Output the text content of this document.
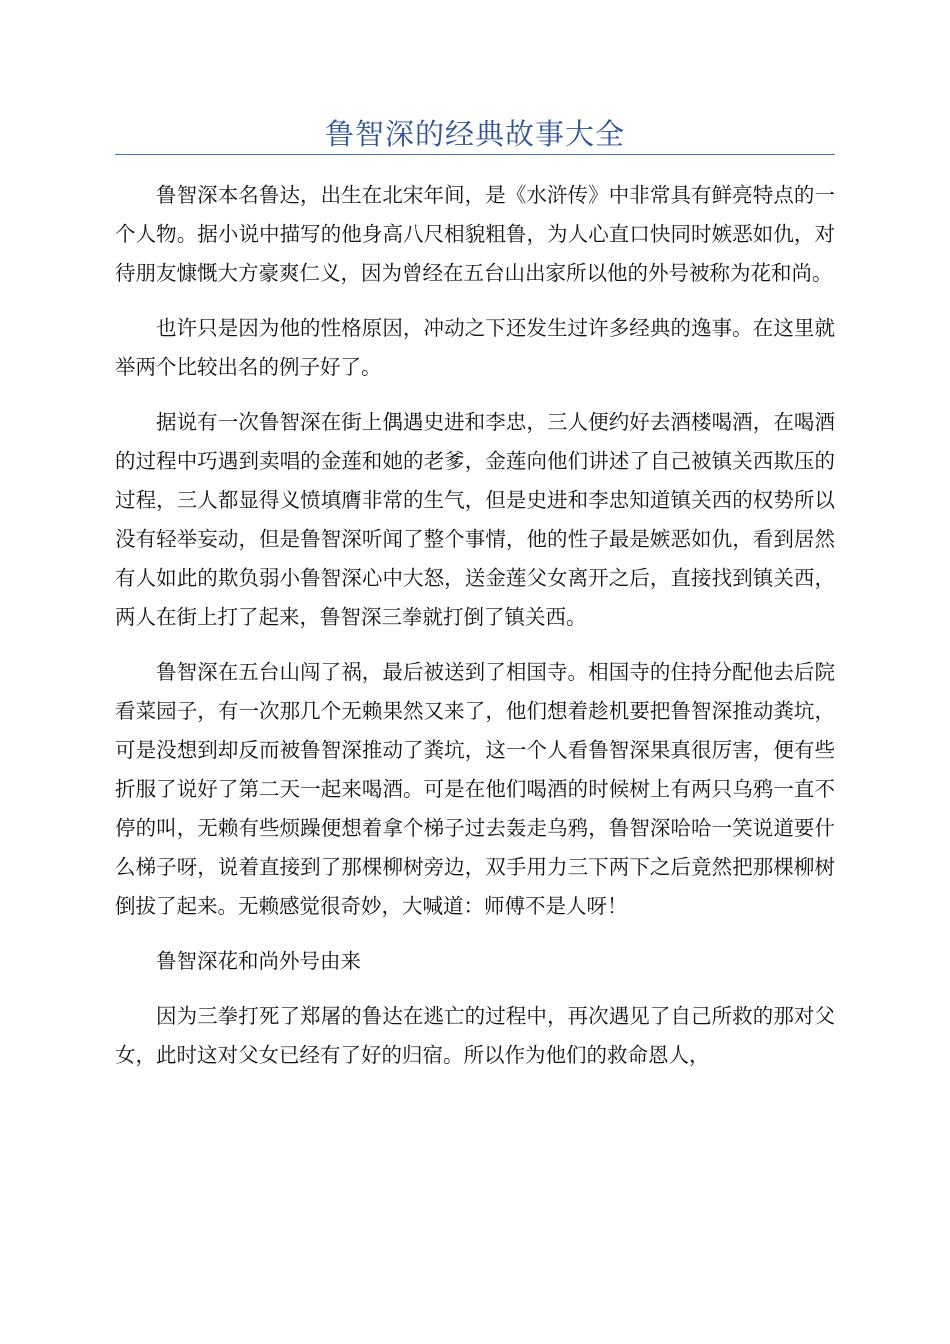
鲁智深的经典故事大全

鲁智深本名鲁达，出生在北宋年间，是《水浒传》中非常具有鲜亮特点的一个人物。据小说中描写的他身高八尺相貌粗鲁，为人心直口快同时嫉恶如仇，对待朋友慷慨大方豪爽仁义，因为曾经在五台山出家所以他的外号被称为花和尚。

也许只是因为他的性格原因，冲动之下还发生过许多经典的逸事。在这里就举两个比较出名的例子好了。

据说有一次鲁智深在街上偶遇史进和李忠，三人便约好去酒楼喝酒，在喝酒的过程中巧遇到卖唱的金莲和她的老爹，金莲向他们讲述了自己被镇关西欺压的过程，三人都显得义愤填膺非常的生气，但是史进和李忠知道镇关西的权势所以没有轻举妄动，但是鲁智深听闻了整个事情，他的性子最是嫉恶如仇，看到居然有人如此的欺负弱小鲁智深心中大怒，送金莲父女离开之后，直接找到镇关西，两人在街上打了起来，鲁智深三拳就打倒了镇关西。

鲁智深在五台山闯了祸，最后被送到了相国寺。相国寺的住持分配他去后院看菜园子，有一次那几个无赖果然又来了，他们想着趁机要把鲁智深推动粪坑，可是没想到却反而被鲁智深推动了粪坑，这一个人看鲁智深果真很厉害，便有些折服了说好了第二天一起来喝酒。可是在他们喝酒的时候树上有两只乌鸦一直不停的叫，无赖有些烦躁便想着拿个梯子过去轰走乌鸦，鲁智深哈哈一笑说道要什么梯子呀，说着直接到了那棵柳树旁边，双手用力三下两下之后竟然把那棵柳树倒拔了起来。无赖感觉很奇妙，大喊道：师傅不是人呀！

鲁智深花和尚外号由来

因为三拳打死了郑屠的鲁达在逃亡的过程中，再次遇见了自己所救的那对父女，此时这对父女已经有了好的归宿。所以作为他们的救命恩人，
